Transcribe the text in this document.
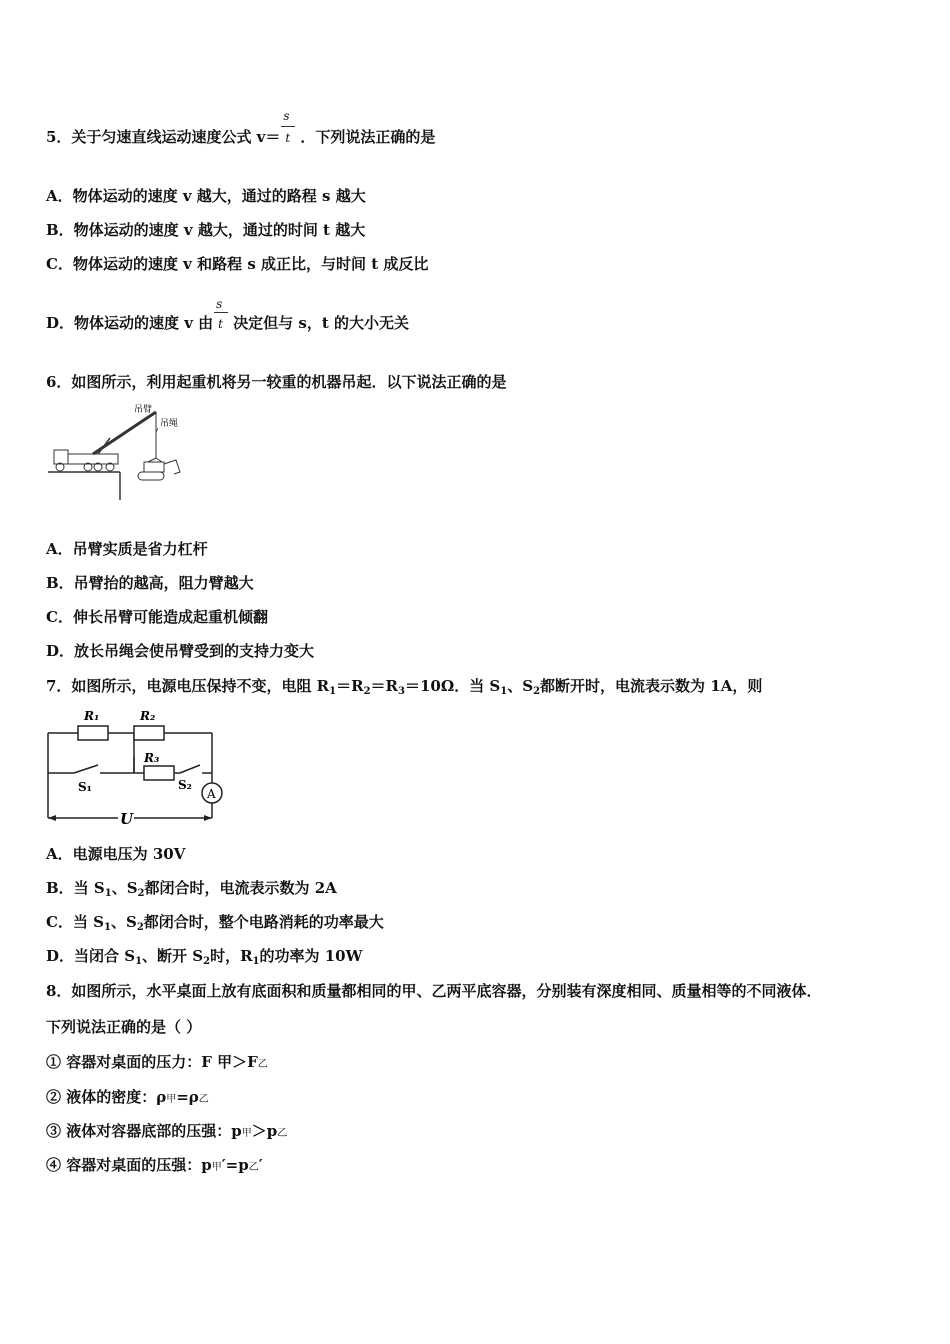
5．关于匀速直线运动速度公式 v＝
$\frac{s}{t}$
．下列说法正确的是
A．物体运动的速度 v 越大，通过的路程 s 越大
B．物体运动的速度 v 越大，通过的时间 t 越大
C．物体运动的速度 v 和路程 s 成正比，与时间 t 成反比
D．物体运动的速度 v 由
$\frac{s}{t}$
决定但与 s，t 的大小无关
6．如图所示，利用起重机将另一较重的机器吊起．以下说法正确的是
吊臂
吊绳
A．吊臂实质是省力杠杆
B．吊臂抬的越高，阻力臂越大
C．伸长吊臂可能造成起重机倾翻
D．放长吊绳会使吊臂受到的支持力变大
7．如图所示，电源电压保持不变，电阻 $R_1=R_2=R_3=10\Omega$．当 $S_1$、$S_2$都断开时，电流表示数为 1A，则
A
R₁	R₂
R₃
S₁	S₂
U
A．电源电压为 30V
B．当 $S_1$、$S_2$都闭合时，电流表示数为 2A
C．当 $S_1$、$S_2$都闭合时，整个电路消耗的功率最大
D．当闭合 $S_1$、断开 $S_2$时，$R_1$的功率为 10W
8．如图所示，水平桌面上放有底面积和质量都相同的甲、乙两平底容器，分别装有深度相同、质量相等的不同液体．
下列说法正确的是（ ）
① 容器对桌面的压力：F 甲＞F乙
② 液体的密度：ρ甲=ρ乙
③ 液体对容器底部的压强：p甲＞p乙
④ 容器对桌面的压强：p甲′=p乙′
